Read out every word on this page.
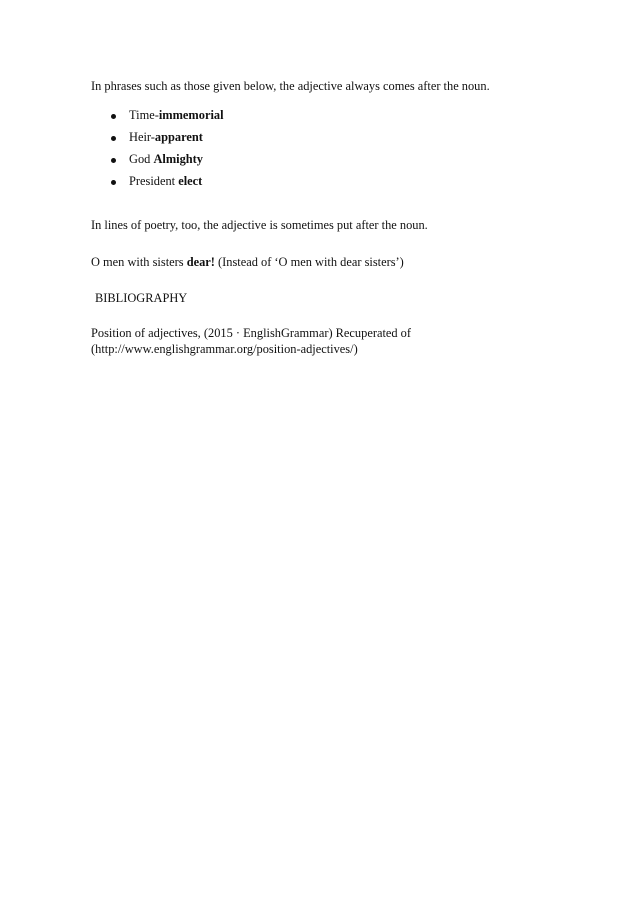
In phrases such as those given below, the adjective always comes after the noun.

Time-immemorial
Heir-apparent
God Almighty
President elect

In lines of poetry, too, the adjective is sometimes put after the noun.

O men with sisters dear! (Instead of ‘O men with dear sisters’)

BIBLIOGRAPHY

Position of adjectives, (2015 · EnglishGrammar) Recuperated of
(http://www.englishgrammar.org/position-adjectives/)
